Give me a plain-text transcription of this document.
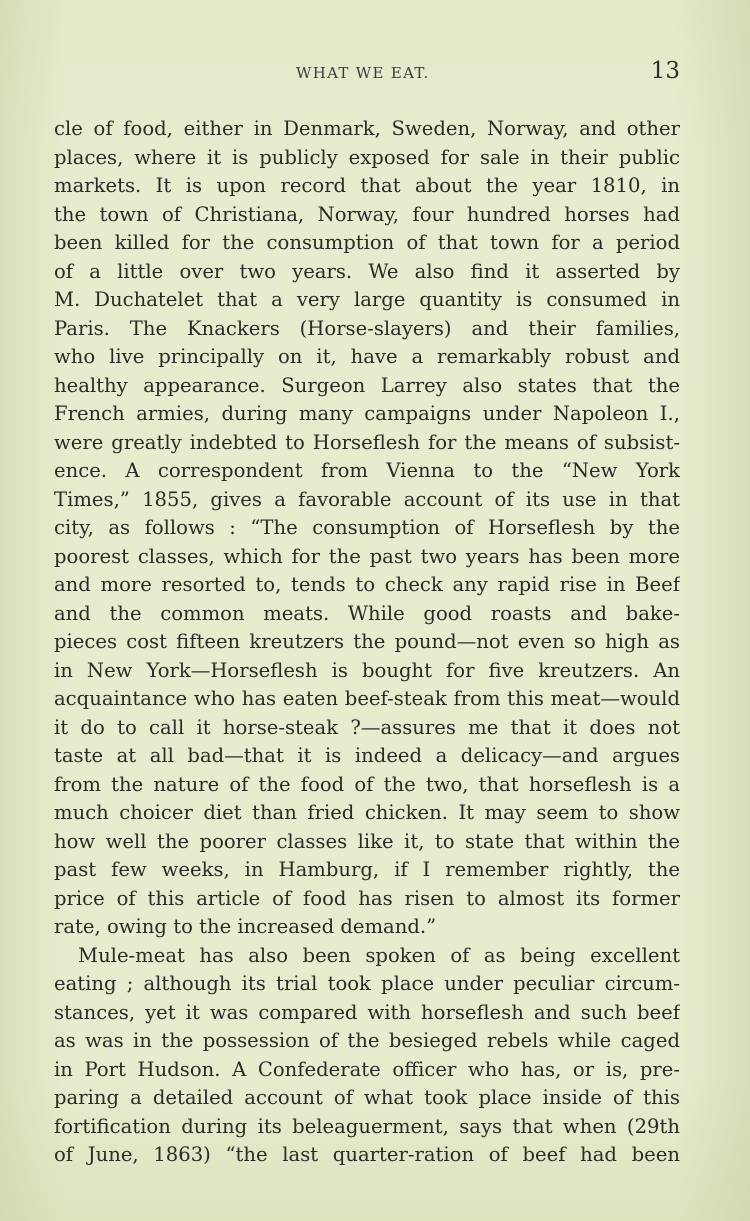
WHAT WE EAT.	13
cle of food, either in Denmark, Sweden, Norway, and other
places, where it is publicly exposed for sale in their public
markets. It is upon record that about the year 1810, in
the town of Christiana, Norway, four hundred horses had
been killed for the consumption of that town for a period
of a little over two years. We also find it asserted by
M. Duchatelet that a very large quantity is consumed in
Paris. The Knackers (Horse-slayers) and their families,
who live principally on it, have a remarkably robust and
healthy appearance. Surgeon Larrey also states that the
French armies, during many campaigns under Napoleon I.,
were greatly indebted to Horseflesh for the means of subsist-
ence. A correspondent from Vienna to the “New York
Times,” 1855, gives a favorable account of its use in that
city, as follows : “The consumption of Horseflesh by the
poorest classes, which for the past two years has been more
and more resorted to, tends to check any rapid rise in Beef
and the common meats. While good roasts and bake-
pieces cost fifteen kreutzers the pound—not even so high as
in New York—Horseflesh is bought for five kreutzers. An
acquaintance who has eaten beef-steak from this meat—would
it do to call it horse-steak ?—assures me that it does not
taste at all bad—that it is indeed a delicacy—and argues
from the nature of the food of the two, that horseflesh is a
much choicer diet than fried chicken. It may seem to show
how well the poorer classes like it, to state that within the
past few weeks, in Hamburg, if I remember rightly, the
price of this article of food has risen to almost its former
rate, owing to the increased demand.”
Mule-meat has also been spoken of as being excellent
eating ; although its trial took place under peculiar circum-
stances, yet it was compared with horseflesh and such beef
as was in the possession of the besieged rebels while caged
in Port Hudson. A Confederate officer who has, or is, pre-
paring a detailed account of what took place inside of this
fortification during its beleaguerment, says that when (29th
of June, 1863) “the last quarter-ration of beef had been
